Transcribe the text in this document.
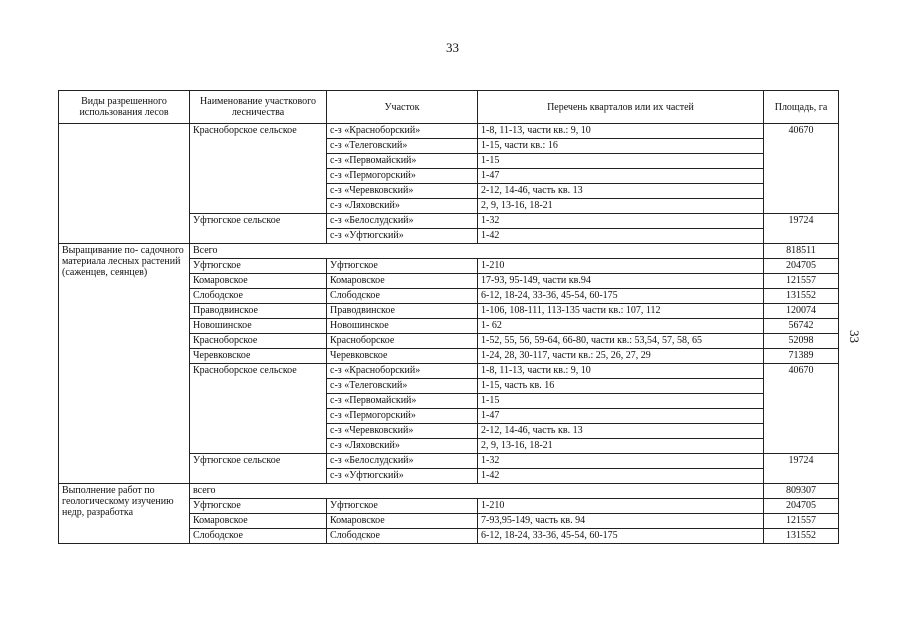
33
33
Виды разрешенного использования лесов	Наименование участкового лесничества	Участок	Перечень кварталов или их частей	Площадь, га
	Красноборское сельское	с-з «Красноборский»	1-8, 11-13, части кв.: 9, 10	40670
		с-з «Телеговский»	1-15, части кв.: 16	
		с-з «Первомайский»	1-15	
		с-з «Пермогорский»	1-47	
		с-з «Черевковский»	2-12, 14-46, часть кв. 13	
		с-з «Ляховский»	2, 9, 13-16, 18-21	
	Уфтюгское сельское	с-з «Белослудский»	1-32	19724
		с-з «Уфтюгский»	1-42	
Выращивание по- садочного материала лесных растений (саженцев, сеянцев)	Всего			818511
	Уфтюгское	Уфтюгское	1-210	204705
	Комаровское	Комаровское	17-93, 95-149, части кв.94	121557
	Слободское	Слободское	6-12, 18-24, 33-36, 45-54, 60-175	131552
	Праводвинское	Праводвинское	1-106, 108-111, 113-135 части кв.: 107, 112	120074
	Новошинское	Новошинское	1- 62	56742
	Красноборское	Красноборское	1-52, 55, 56, 59-64, 66-80, части кв.: 53,54, 57, 58, 65	52098
	Черевковское	Черевковское	1-24, 28, 30-117, части кв.: 25, 26, 27, 29	71389
	Красноборское сельское	с-з «Красноборский»	1-8, 11-13, части кв.: 9, 10	40670
		с-з «Телеговский»	1-15, часть кв. 16	
		с-з «Первомайский»	1-15	
		с-з «Пермогорский»	1-47	
		с-з «Черевковский»	2-12, 14-46, часть кв. 13	
		с-з «Ляховский»	2, 9, 13-16, 18-21	
	Уфтюгское сельское	с-з «Белослудский»	1-32	19724
		с-з «Уфтюгский»	1-42	
Выполнение работ по геологическому изучению недр, разработка	всего			809307
	Уфтюгское	Уфтюгское	1-210	204705
	Комаровское	Комаровское	7-93,95-149, часть кв. 94	121557
	Слободское	Слободское	6-12, 18-24, 33-36, 45-54, 60-175	131552
